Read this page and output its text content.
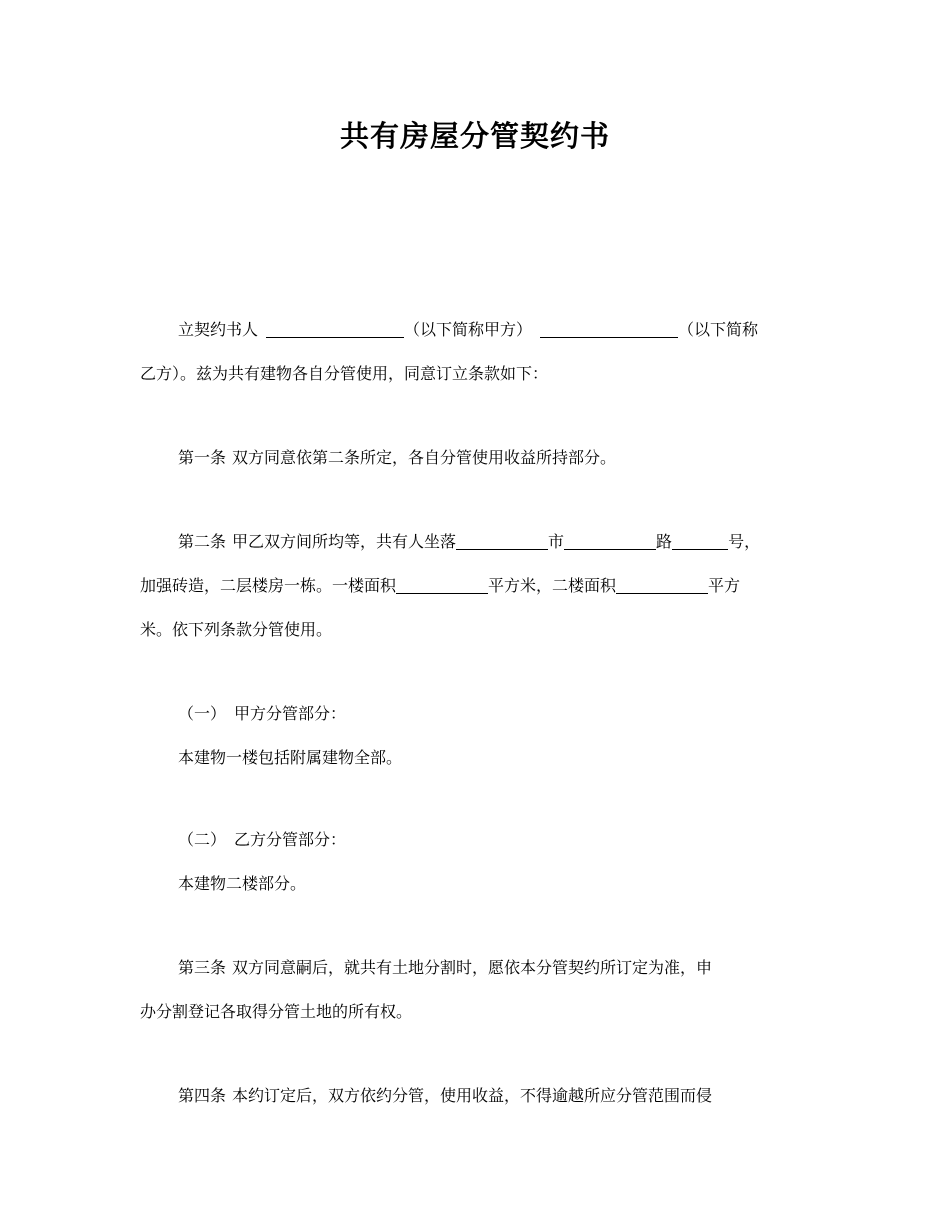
共有房屋分管契约书

立契约书人	（以下简称甲方）	（以下简称

乙方）。兹为共有建物各自分管使用，同意订立条款如下：

第一条 双方同意依第二条所定，各自分管使用收益所持部分。

第二条 甲乙双方间所均等，共有人坐落	市	路	号，

加强砖造，二层楼房一栋。一楼面积	平方米，二楼面积	平方

米。依下列条款分管使用。

（一） 甲方分管部分：

本建物一楼包括附属建物全部。

（二） 乙方分管部分：

本建物二楼部分。

第三条 双方同意嗣后，就共有土地分割时，愿依本分管契约所订定为准，申

办分割登记各取得分管土地的所有权。

第四条 本约订定后，双方依约分管，使用收益，不得逾越所应分管范围而侵
